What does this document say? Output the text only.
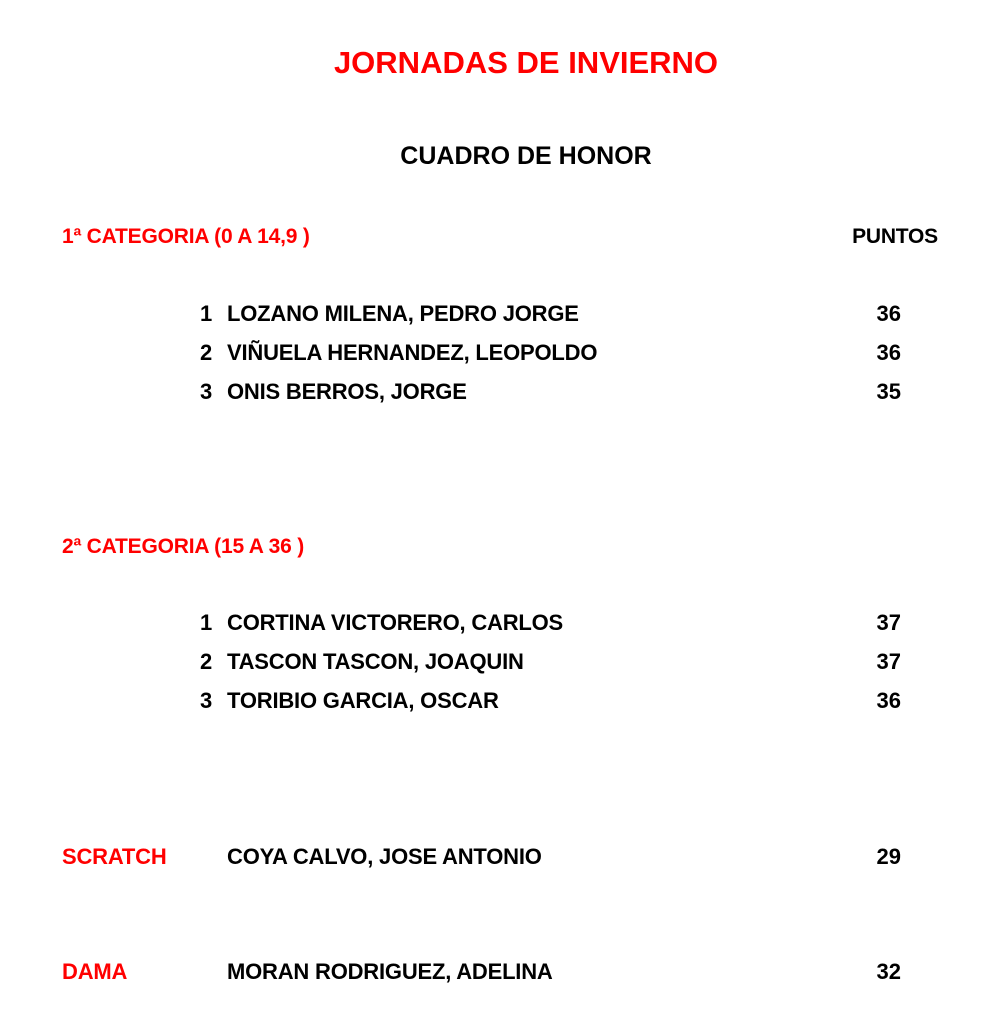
JORNADAS DE INVIERNO
CUADRO DE HONOR
1ª CATEGORIA (0 A 14,9 )	PUNTOS
1 LOZANO MILENA, PEDRO JORGE	36
2 VIÑUELA HERNANDEZ, LEOPOLDO	36
3 ONIS BERROS, JORGE	35
2ª CATEGORIA (15 A 36 )
1 CORTINA VICTORERO, CARLOS	37
2 TASCON TASCON, JOAQUIN	37
3 TORIBIO GARCIA, OSCAR	36
SCRATCH	COYA CALVO, JOSE ANTONIO	29
DAMA	MORAN RODRIGUEZ, ADELINA	32
